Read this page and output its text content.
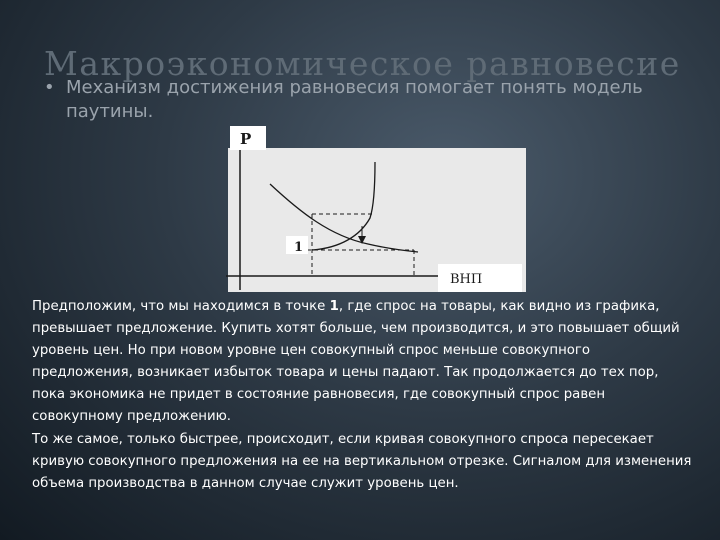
Макроэкономическое равновесие
• Механизм достижения равновесия помогает понять модель паутины.
P
ВНП
1
Предположим, что мы находимся в точке 1, где спрос на товары, как видно из графика, превышает предложение. Купить хотят больше, чем производится, и это повышает общий уровень цен. Но при новом уровне цен совокупный спрос меньше совокупного предложения, возникает избыток товара и цены падают. Так продолжается до тех пор, пока экономика не придет в состояние равновесия, где совокупный спрос равен совокупному предложению.
То же самое, только быстрее, происходит, если кривая совокупного спроса пересекает кривую совокупного предложения на ее на вертикальном отрезке. Сигналом для изменения объема производства в данном случае служит уровень цен.
